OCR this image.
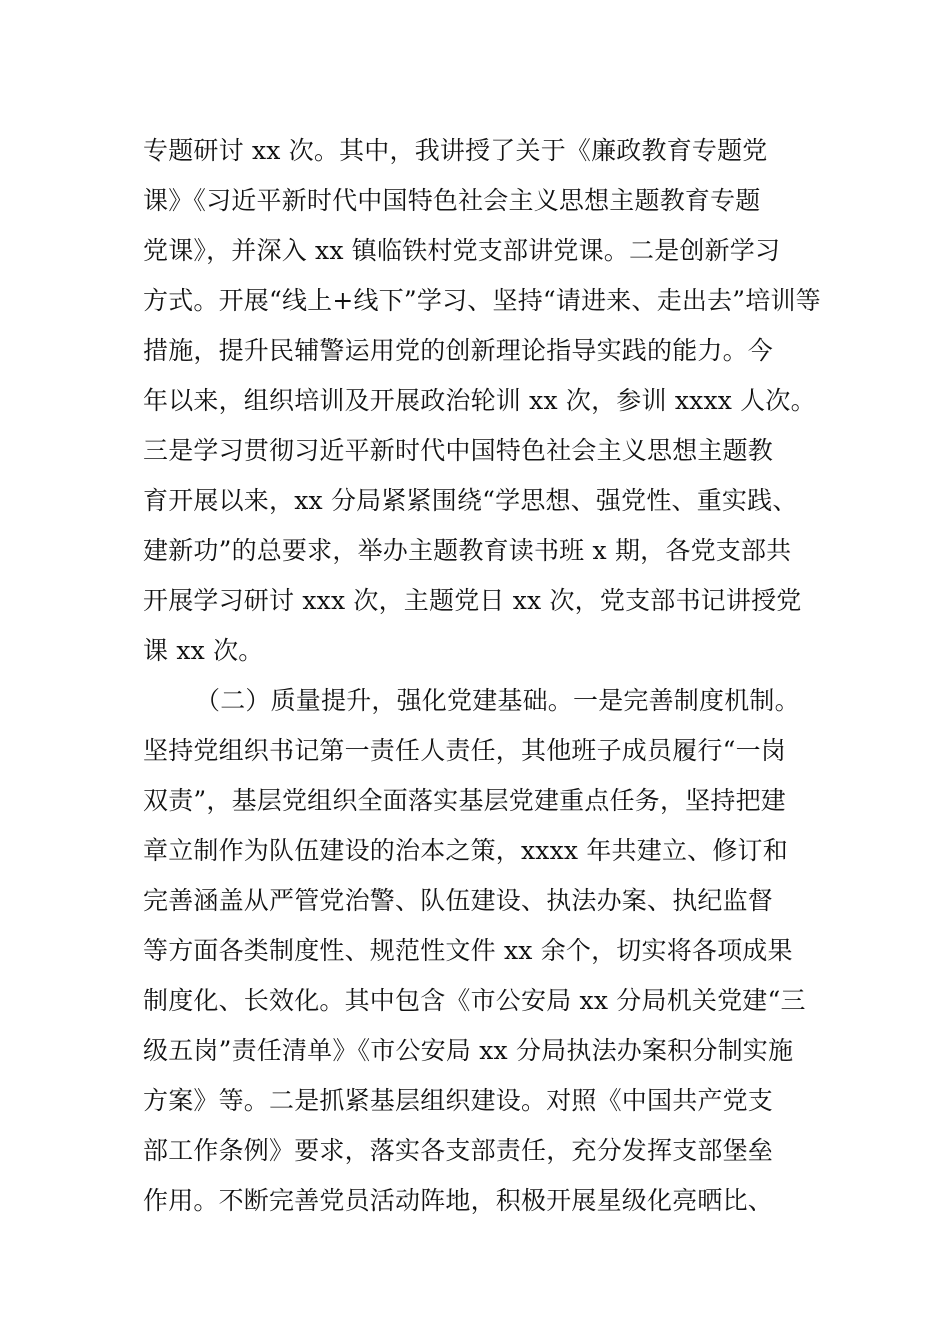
专题研讨 xx 次。其中，我讲授了关于《廉政教育专题党
课》《习近平新时代中国特色社会主义思想主题教育专题
党课》，并深入 xx 镇临铁村党支部讲党课。二是创新学习
方式。开展“线上+线下”学习、坚持“请进来、走出去”培训等
措施，提升民辅警运用党的创新理论指导实践的能力。今
年以来，组织培训及开展政治轮训 xx 次，参训 xxxx 人次。
三是学习贯彻习近平新时代中国特色社会主义思想主题教
育开展以来，xx 分局紧紧围绕“学思想、强党性、重实践、
建新功”的总要求，举办主题教育读书班 x 期，各党支部共
开展学习研讨 xxx 次，主题党日 xx 次，党支部书记讲授党
课 xx 次。
（二）质量提升，强化党建基础。一是完善制度机制。
坚持党组织书记第一责任人责任，其他班子成员履行“一岗
双责”，基层党组织全面落实基层党建重点任务，坚持把建
章立制作为队伍建设的治本之策，xxxx 年共建立、修订和
完善涵盖从严管党治警、队伍建设、执法办案、执纪监督
等方面各类制度性、规范性文件 xx 余个，切实将各项成果
制度化、长效化。其中包含《市公安局 xx 分局机关党建“三
级五岗”责任清单》《市公安局 xx 分局执法办案积分制实施
方案》等。二是抓紧基层组织建设。对照《中国共产党支
部工作条例》要求，落实各支部责任，充分发挥支部堡垒
作用。不断完善党员活动阵地，积极开展星级化亮晒比、
